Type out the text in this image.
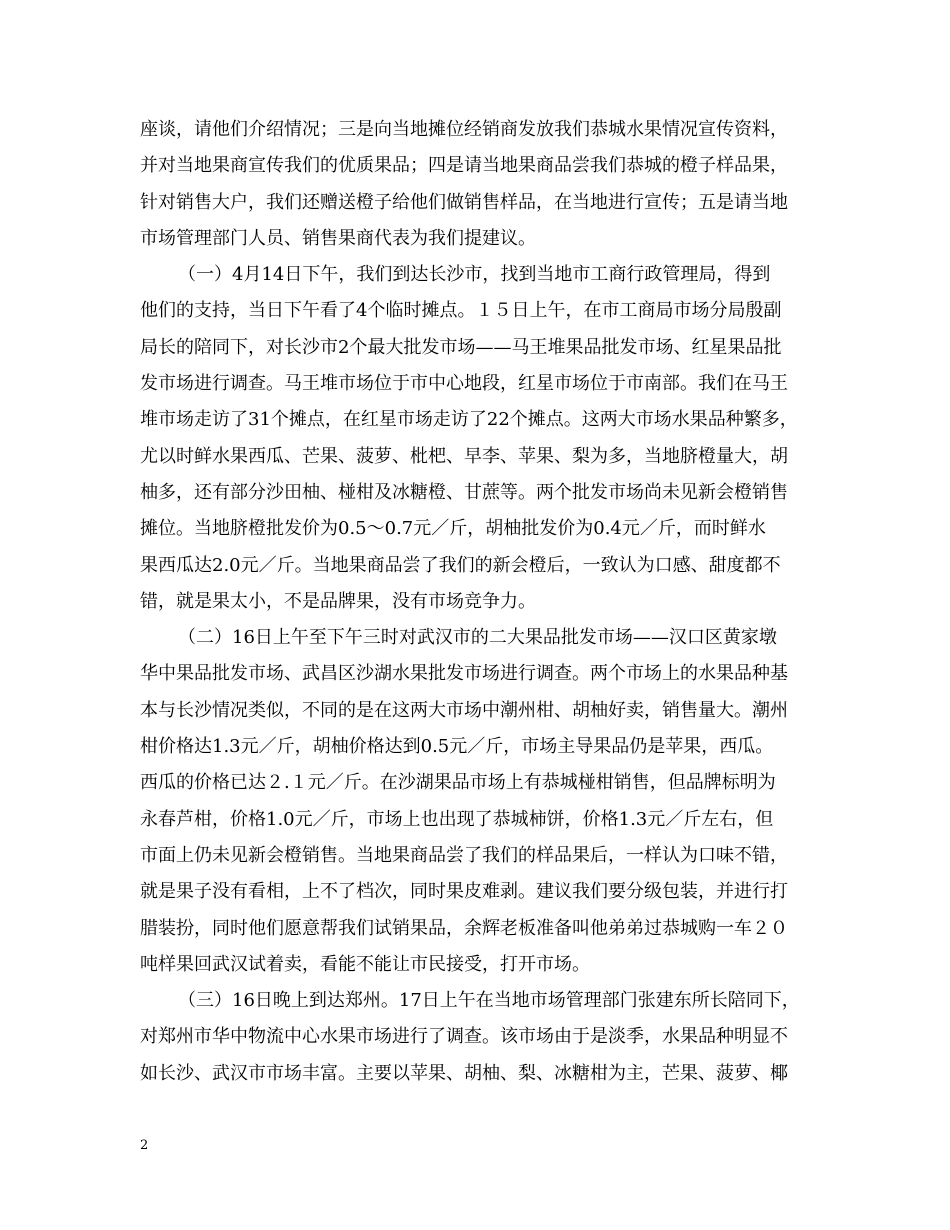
座谈，请他们介绍情况；三是向当地摊位经销商发放我们恭城水果情况宣传资料，
并对当地果商宣传我们的优质果品；四是请当地果商品尝我们恭城的橙子样品果，
针对销售大户，我们还赠送橙子给他们做销售样品，在当地进行宣传；五是请当地
市场管理部门人员、销售果商代表为我们提建议。

（一）4月14日下午，我们到达长沙市，找到当地市工商行政管理局，得到
他们的支持，当日下午看了4个临时摊点。１５日上午，在市工商局市场分局殷副
局长的陪同下，对长沙市2个最大批发市场——马王堆果品批发市场、红星果品批
发市场进行调查。马王堆市场位于市中心地段，红星市场位于市南部。我们在马王
堆市场走访了31个摊点，在红星市场走访了22个摊点。这两大市场水果品种繁多，
尤以时鲜水果西瓜、芒果、菠萝、枇杷、早李、苹果、梨为多，当地脐橙量大，胡
柚多，还有部分沙田柚、椪柑及冰糖橙、甘蔗等。两个批发市场尚未见新会橙销售
摊位。当地脐橙批发价为0.5～0.7元／斤，胡柚批发价为0.4元／斤，而时鲜水
果西瓜达2.0元／斤。当地果商品尝了我们的新会橙后，一致认为口感、甜度都不
错，就是果太小，不是品牌果，没有市场竞争力。

（二）16日上午至下午三时对武汉市的二大果品批发市场——汉口区黄家墩
华中果品批发市场、武昌区沙湖水果批发市场进行调查。两个市场上的水果品种基
本与长沙情况类似，不同的是在这两大市场中潮州柑、胡柚好卖，销售量大。潮州
柑价格达1.3元／斤，胡柚价格达到0.5元／斤，市场主导果品仍是苹果，西瓜。
西瓜的价格已达２.１元／斤。在沙湖果品市场上有恭城椪柑销售，但品牌标明为
永春芦柑，价格1.0元／斤，市场上也出现了恭城柿饼，价格1.3元／斤左右，但
市面上仍未见新会橙销售。当地果商品尝了我们的样品果后，一样认为口味不错，
就是果子没有看相，上不了档次，同时果皮难剥。建议我们要分级包装，并进行打
腊装扮，同时他们愿意帮我们试销果品，余辉老板准备叫他弟弟过恭城购一车２０
吨样果回武汉试着卖，看能不能让市民接受，打开市场。

（三）16日晚上到达郑州。17日上午在当地市场管理部门张建东所长陪同下，
对郑州市华中物流中心水果市场进行了调查。该市场由于是淡季，水果品种明显不
如长沙、武汉市市场丰富。主要以苹果、胡柚、梨、冰糖柑为主，芒果、菠萝、椰

2
